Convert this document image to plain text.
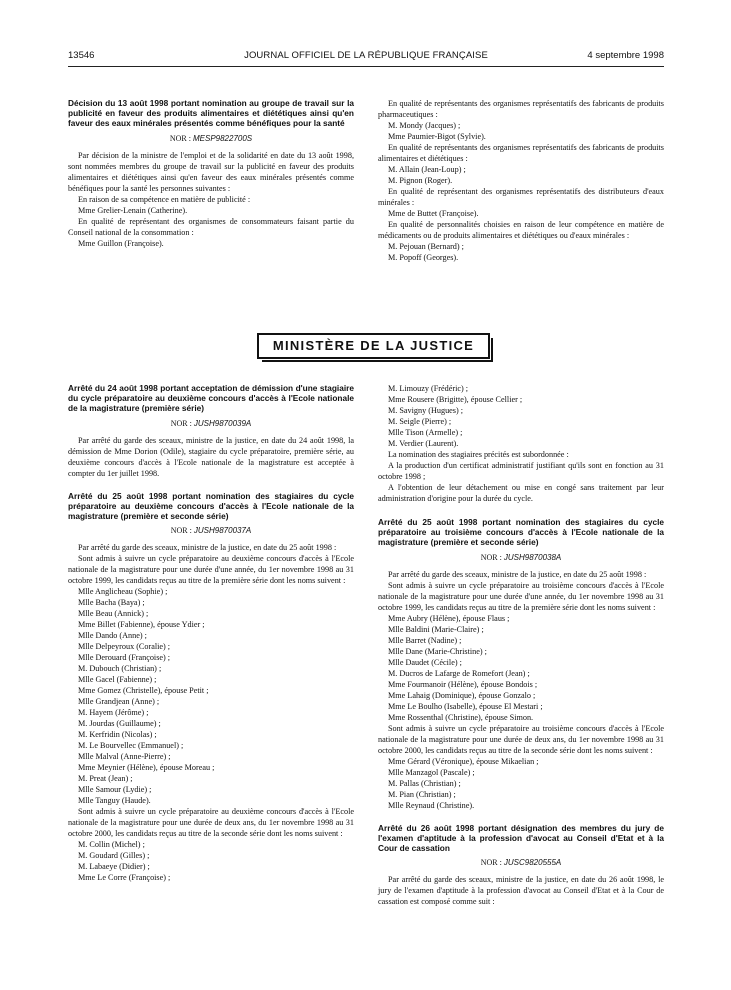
13546	JOURNAL OFFICIEL DE LA RÉPUBLIQUE FRANÇAISE	4 septembre 1998

Décision du 13 août 1998 portant nomination au groupe de travail sur la publicité en faveur des produits alimentaires et diététiques ainsi qu'en faveur des eaux minérales présentés comme bénéfiques pour la santé

NOR : MESP9822700S

Par décision de la ministre de l'emploi et de la solidarité en date du 13 août 1998, sont nommées membres du groupe de travail sur la publicité en faveur des produits alimentaires et diététiques ainsi qu'en faveur des eaux minérales présentés comme bénéfiques pour la santé les personnes suivantes :

En raison de sa compétence en matière de publicité :

Mme Grelier-Lenain (Catherine).

En qualité de représentant des organismes de consommateurs faisant partie du Conseil national de la consommation :

Mme Guillon (Françoise).

En qualité de représentants des organismes représentatifs des fabricants de produits pharmaceutiques :

M. Mondy (Jacques) ;

Mme Paumier-Bigot (Sylvie).

En qualité de représentants des organismes représentatifs des fabricants de produits alimentaires et diététiques :

M. Allain (Jean-Loup) ;

M. Pignon (Roger).

En qualité de représentant des organismes représentatifs des distributeurs d'eaux minérales :

Mme de Buttet (Françoise).

En qualité de personnalités choisies en raison de leur compétence en matière de médicaments ou de produits alimentaires et diététiques ou d'eaux minérales :

M. Pejouan (Bernard) ;

M. Popoff (Georges).

MINISTÈRE DE LA JUSTICE

Arrêté du 24 août 1998 portant acceptation de démission d'une stagiaire du cycle préparatoire au deuxième concours d'accès à l'Ecole nationale de la magistrature (première série)

NOR : JUSH9870039A

Par arrêté du garde des sceaux, ministre de la justice, en date du 24 août 1998, la démission de Mme Dorion (Odile), stagiaire du cycle préparatoire, première série, au deuxième concours d'accès à l'Ecole nationale de la magistrature est acceptée à compter du 1er juillet 1998.

Arrêté du 25 août 1998 portant nomination des stagiaires du cycle préparatoire au deuxième concours d'accès à l'Ecole nationale de la magistrature (première et seconde série)

NOR : JUSH9870037A

Par arrêté du garde des sceaux, ministre de la justice, en date du 25 août 1998 :

Sont admis à suivre un cycle préparatoire au deuxième concours d'accès à l'Ecole nationale de la magistrature pour une durée d'une année, du 1er novembre 1998 au 31 octobre 1999, les candidats reçus au titre de la première série dont les noms suivent :

Mlle Anglicheau (Sophie) ;

Mlle Bacha (Baya) ;

Mlle Beau (Annick) ;

Mme Billet (Fabienne), épouse Ydier ;

Mlle Dando (Anne) ;

Mlle Delpeyroux (Coralie) ;

Mlle Derouard (Françoise) ;

M. Dubouch (Christian) ;

Mlle Gacel (Fabienne) ;

Mme Gomez (Christelle), épouse Petit ;

Mlle Grandjean (Anne) ;

M. Hayem (Jérôme) ;

M. Jourdas (Guillaume) ;

M. Kerfridin (Nicolas) ;

M. Le Bourvellec (Emmanuel) ;

Mlle Malval (Anne-Pierre) ;

Mme Meynier (Hélène), épouse Moreau ;

M. Preat (Jean) ;

Mlle Samour (Lydie) ;

Mlle Tanguy (Haude).

Sont admis à suivre un cycle préparatoire au deuxième concours d'accès à l'Ecole nationale de la magistrature pour une durée de deux ans, du 1er novembre 1998 au 31 octobre 2000, les candidats reçus au titre de la seconde série dont les noms suivent :

M. Collin (Michel) ;

M. Goudard (Gilles) ;

M. Labaeye (Didier) ;

Mme Le Corre (Françoise) ;

M. Limouzy (Frédéric) ;

Mme Rousere (Brigitte), épouse Cellier ;

M. Savigny (Hugues) ;

M. Seigle (Pierre) ;

Mlle Tison (Armelle) ;

M. Verdier (Laurent).

La nomination des stagiaires précités est subordonnée :

A la production d'un certificat administratif justifiant qu'ils sont en fonction au 31 octobre 1998 ;

A l'obtention de leur détachement ou mise en congé sans traitement par leur administration d'origine pour la durée du cycle.

Arrêté du 25 août 1998 portant nomination des stagiaires du cycle préparatoire au troisième concours d'accès à l'Ecole nationale de la magistrature (première et seconde série)

NOR : JUSH9870038A

Par arrêté du garde des sceaux, ministre de la justice, en date du 25 août 1998 :

Sont admis à suivre un cycle préparatoire au troisième concours d'accès à l'Ecole nationale de la magistrature pour une durée d'une année, du 1er novembre 1998 au 31 octobre 1999, les candidats reçus au titre de la première série dont les noms suivent :

Mme Aubry (Hélène), épouse Flaus ;

Mlle Baldini (Marie-Claire) ;

Mlle Barret (Nadine) ;

Mlle Dane (Marie-Christine) ;

Mlle Daudet (Cécile) ;

M. Ducros de Lafarge de Romefort (Jean) ;

Mme Fourmanoir (Hélène), épouse Bondois ;

Mme Lahaig (Dominique), épouse Gonzalo ;

Mme Le Boulho (Isabelle), épouse El Mestari ;

Mme Rossenthal (Christine), épouse Simon.

Sont admis à suivre un cycle préparatoire au troisième concours d'accès à l'Ecole nationale de la magistrature pour une durée de deux ans, du 1er novembre 1998 au 31 octobre 2000, les candidats reçus au titre de la seconde série dont les noms suivent :

Mme Gérard (Véronique), épouse Mikaelian ;

Mlle Manzagol (Pascale) ;

M. Pallas (Christian) ;

M. Pian (Christian) ;

Mlle Reynaud (Christine).

Arrêté du 26 août 1998 portant désignation des membres du jury de l'examen d'aptitude à la profession d'avocat au Conseil d'Etat et à la Cour de cassation

NOR : JUSC9820555A

Par arrêté du garde des sceaux, ministre de la justice, en date du 26 août 1998, le jury de l'examen d'aptitude à la profession d'avocat au Conseil d'Etat et à la Cour de cassation est composé comme suit :
